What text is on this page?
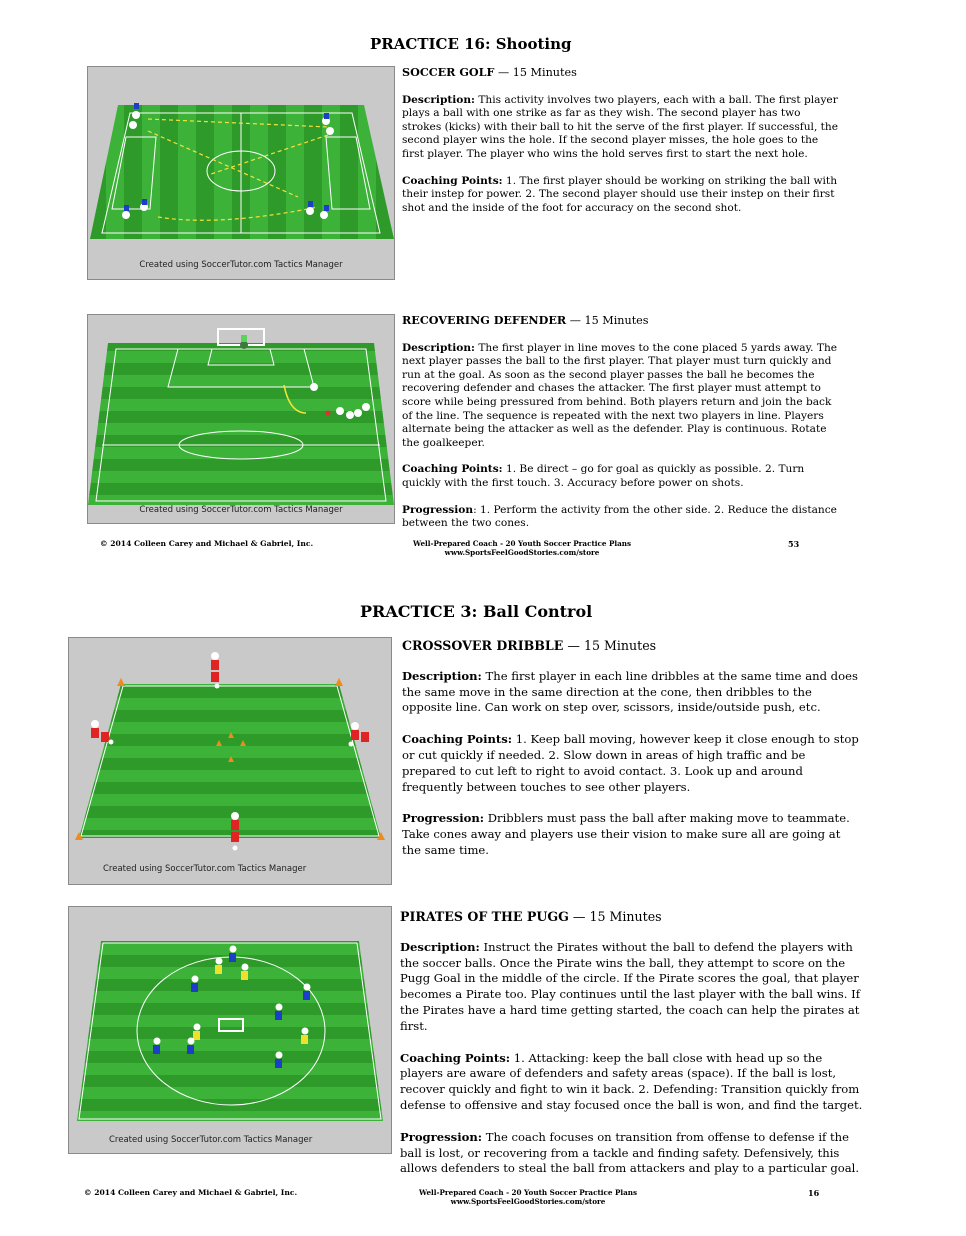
PRACTICE 16: Shooting
Created using SoccerTutor.com Tactics Manager
SOCCER GOLF — 15 Minutes
Description: This activity involves two players, each with a ball. The first player plays a ball with one strike as far as they wish. The second player has two strokes (kicks) with their ball to hit the serve of the first player. If successful, the second player wins the hole. If the second player misses, the hole goes to the first player. The player who wins the hold serves first to start the next hole.
Coaching Points: 1. The first player should be working on striking the ball with their instep for power. 2. The second player should use their instep on their first shot and the inside of the foot for accuracy on the second shot.
Created using SoccerTutor.com Tactics Manager
RECOVERING DEFENDER — 15 Minutes
Description: The first player in line moves to the cone placed 5 yards away. The next player passes the ball to the first player. That player must turn quickly and run at the goal. As soon as the second player passes the ball he becomes the recovering defender and chases the attacker. The first player must attempt to score while being pressured from behind. Both players return and join the back of the line. The sequence is repeated with the next two players in line. Players alternate being the attacker as well as the defender. Play is continuous. Rotate the goalkeeper.
Coaching Points: 1. Be direct – go for goal as quickly as possible. 2. Turn quickly with the first touch. 3. Accuracy before power on shots.
Progression: 1. Perform the activity from the other side. 2. Reduce the distance between the two cones.
© 2014 Colleen Carey and Michael & Gabriel, Inc.	Well-Prepared Coach - 20 Youth Soccer Practice Plans
www.SportsFeelGoodStories.com/store
53
PRACTICE 3: Ball Control
Created using SoccerTutor.com Tactics Manager
CROSSOVER DRIBBLE — 15 Minutes
Description: The first player in each line dribbles at the same time and does the same move in the same direction at the cone, then dribbles to the opposite line. Can work on step over, scissors, inside/outside push, etc.
Coaching Points: 1. Keep ball moving, however keep it close enough to stop or cut quickly if needed. 2. Slow down in areas of high traffic and be prepared to cut left to right to avoid contact. 3. Look up and around frequently between touches to see other players.
Progression: Dribblers must pass the ball after making move to teammate. Take cones away and players use their vision to make sure all are going at the same time.
Created using SoccerTutor.com Tactics Manager
PIRATES OF THE PUGG — 15 Minutes
Description: Instruct the Pirates without the ball to defend the players with the soccer balls. Once the Pirate wins the ball, they attempt to score on the Pugg Goal in the middle of the circle. If the Pirate scores the goal, that player becomes a Pirate too. Play continues until the last player with the ball wins. If the Pirates have a hard time getting started, the coach can help the pirates at first.
Coaching Points: 1. Attacking: keep the ball close with head up so the players are aware of defenders and safety areas (space). If the ball is lost, recover quickly and fight to win it back. 2. Defending: Transition quickly from defense to offensive and stay focused once the ball is won, and find the target.
Progression: The coach focuses on transition from offense to defense if the ball is lost, or recovering from a tackle and finding safety. Defensively, this allows defenders to steal the ball from attackers and play to a particular goal.
© 2014 Colleen Carey and Michael & Gabriel, Inc.	Well-Prepared Coach - 20 Youth Soccer Practice Plans
www.SportsFeelGoodStories.com/store
16
